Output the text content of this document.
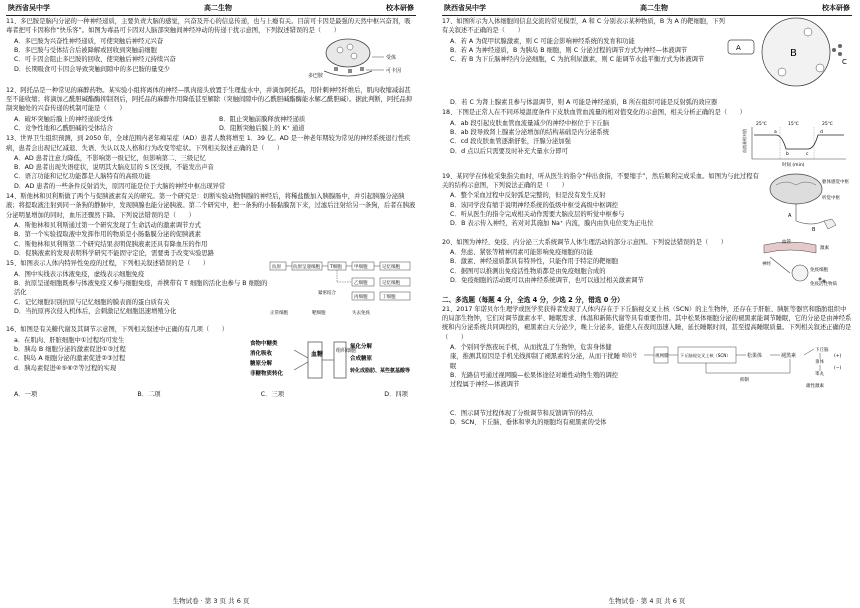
陕西省吴中学	高二生物	校本研修
11、多巴胺是脑内分泌的一种神经递质，主要负责大脑的感觉，兴奋及开心的信息传递，也与上瘾有关。目前可卡因是最强的天然中枢兴奋剂，吸毒者把可卡因称作“快乐客”。如图为毒品可卡因对人脑部突触间神经冲动的传递干扰示意图，下列叙述错误的是（　　）
A．多巴胺为兴奋性神经递质，可使突触后神经元兴奋
B．多巴胺与受体结合后被降解或回收到突触前细胞
C．可卡因会阻止多巴胺的回收，使突触后神经元持续兴奋
D．长期吸食可卡因会导致突触间隙中的多巴胺的量变少
多巴胺
受体
可卡因
12、阿托品是一种常见的麻醉药物。某实验小组将离体的神经—肌肉接头放置于生理盐水中，并滴加阿托品，用针刺神经纤维后，肌肉收缩减弱甚至不能收缩；将滴加乙酰胆碱酯酶抑制剂后，阿托品的麻醉作用降低甚至解除（突触间隙中的乙酰胆碱酯酶能水解乙酰胆碱）。据此判断，阿托品抑制突触处的兴奋传递的机制可能是（　　）
A．破坏突触后膜上的神经递质受体	B．阻止突触前膜释放神经递质
C．竞争性地和乙酰胆碱的受体结合	D．阻断突触后膜上的 K⁺ 通道
13、世界卫生组织预测，到 2050 年，全球范围内老年痴呆症（AD）患者人数将增至 1．39 亿。AD 是一种老年期较为常见的神经系统退行性疾病，患者会出现记忆减退、失语、失认以及人格和行为改变等症状。下列相关叙述正确的是（　　）
A．AD 患者注意力降低，不影响第一级记忆，但影响第二、三级记忆
B．AD 患者出现失语症状，说明其大脑皮层的 S 区受损，不能发出声音
C．语言功能和记忆功能都是人脑特有的高级功能
D．AD 患者的一些条件反射消失，原因可能是位于大脑的神经中枢出现异常
14、斯他林和贝利斯做了两个与促胰液素有关的研究。第一个研究是：切断实验动物胰腺的神经后，将稀盐酸加入胰腺肠中，并引起胰腺分泌胰液；将提取液注射到同一条狗的静脉中，发现胰腺也能分泌胰液。第二个研究中，把一条狗的小肠黏膜刮下来，过滤后注射给另一条狗，后者在胰液分泌明显增加的同时，血压还骤然下降。下列说法错误的是（　　）
A．斯他林和贝利斯通过第一个研究发现了生命活动的激素调节方式
B．第一个实验提取液中发挥作用的物质是小肠黏膜分泌的促胰液素
C．斯他林和贝利斯第二个研究结果表明促胰液素还具有降血压的作用
D．促胰液素的发现表明科学研究不能固守定论，需要勇于改变实验思路
15、如图表示人体内特异性免疫的过程，下列相关叙述错误的是（　　）
A．图中实线表示体液免疫，虚线表示细胞免疫
B．抗原呈递细胞既参与体液免疫又参与细胞免疫，并携带有 T 细胞的活化也参与 B 细胞的活化
C．记忆细胞识别抗原与记忆细胞的膜表面的蛋白质有关
D．当抗原再次侵入机体后，会刺激记忆细胞迅速增殖分化
抗原	抗原呈递细胞 T细胞	甲细胞	记忆细胞
乙细胞	记忆细胞
丙细胞	丁细胞
紧密结合
正常细胞	靶细胞	失去免疫
16、如图是有关糖代谢及其调节示意图，下列相关叙述中正确的有几项（　　）
a．在肌肉、肝脏细胞中①过程均可发生
b．胰岛 B 细胞分泌的激素促进①③过程
c．胰岛 A 细胞分泌的激素促进②③过程
d．胰岛素促进④⑤⑥⑦等过程的实现
食物中糖类
消化吸收
糖原分解
非糖物质转化
血糖	组织细胞
氧化分解
合成糖原
转化成脂肪、某些氨基酸等
A．一项	B．二项	C．三项	D．四项
生物试卷 · 第 3 页 共 6 页
陕西省吴中学	高二生物	校本研修
17、如图所示为人体细胞间信息交流的常见模型，A 和 C 分别表示某种物质，B 为 A 的靶细胞，下列有关叙述不正确的是（　　）
A．若 A 为促甲状腺激素，则 C 可能会影响神经系统的发育和功能
B．若 A 为神经递质，B 为胰岛 B 细胞，则 C 分泌过程的调节方式为神经—体液调节
C．若 B 为下丘脑神经内分泌细胞，C 为抗利尿激素，则 C 能调节水盐平衡方式为体液调节
A	B
C
D．若 C 为肾上腺素且参与体温调节，则 A 可能是神经递质，B 所在组织可能是反射弧的效应器
18、下图是正常人在不同环境温度条件下皮肤血管血流量的相对值变化的示意图，相关分析正确的是（　　）
A．ab 段引起皮肤血管血流量减少的神经中枢位于下丘脑
B．ab 段导致肾上腺素分泌增加的结构基础是内分泌系统
C．cd 段皮肤血管逐渐舒张，汗腺分泌加强
D．d 点以后只需要及时补充大量水分即可
25℃	15℃	25℃
a
b	c
d
时间 (min)
血流量相对值
19、某同学在体检采集指尖血时，听从医生的指令“伸出食指，不要缩手”，然后顺利完成采血。如图为与此过程有关的结构示意图，下列说法正确的是（　　）
A．整个采血过程中反射弧是完整的，但是没有发生反射
B．该同学没有缩手说明神经系统的低级中枢受高级中枢调控
C．听从医生的指令完成相关动作需要大脑皮层的听觉中枢参与
D．B 表示传入神经，若对对其施加 Na⁺ 内流，膜内由负电位变为正电位
躯体感觉中枢
听觉中枢
A
B
20、如图为神经、免疫、内分泌三大系统调节人体生理活动的部分示意图。下列说法错误的是（　　）
A．焦虑、紧张等精神因素可能影响免疫细胞的功能
B．激素、神经递质都具有特异性，只能作用于特定的靶细胞
C．据图可以推测出免疫活性物质都是由免疫细胞合成的
D．免疫细胞的活动既可以由神经系统调节，也可以通过相关激素调节
血管
激素
神经
免疫细胞
免疫活性物质
二、多选题（每题 4 分，全选 4 分，少选 2 分，错选 0 分）
21、2017 年诺贝尔生理学或医学奖获得者发现了人体内存在于下丘脑视交叉上核（SCN）的主生物钟，还存在于肝脏、胰脏等器官和脂肪组织中的局部生物钟，它们对调节激素水平、睡眠需求、体温和新陈代谢等具有重要作用。其中松果体细胞分泌的褪黑素能调节睡眠，它的分泌是由神经系统和内分泌系统共同调控的，褪黑素白天分泌少，晚上分泌多，能使人在夜间迅速入睡，延长睡眠时间，甚至提高睡眠质量。下列相关叙述正确的是（　　）
A．个别同学熬夜玩手机，从而扰乱了生物钟，危害身体健康，推测其原因是手机光线抑制了褪黑素的分泌，从而干扰睡眠
B．光路信号通过视网膜—松果体途径对雄性动物生殖的调控过程属于神经—体液调节
暗信号	视网膜	下丘脑视交叉上核（SCN）	松果体	褪黑素
抑制
下丘脑
垂体
睾丸
雄性激素
(+)
(−)
C．图示调节过程体现了分级调节和反馈调节的特点
D．SCN、下丘脑、垂体和睾丸的细胞均有褪黑素的受体
生物试卷 · 第 4 页 共 6 页
